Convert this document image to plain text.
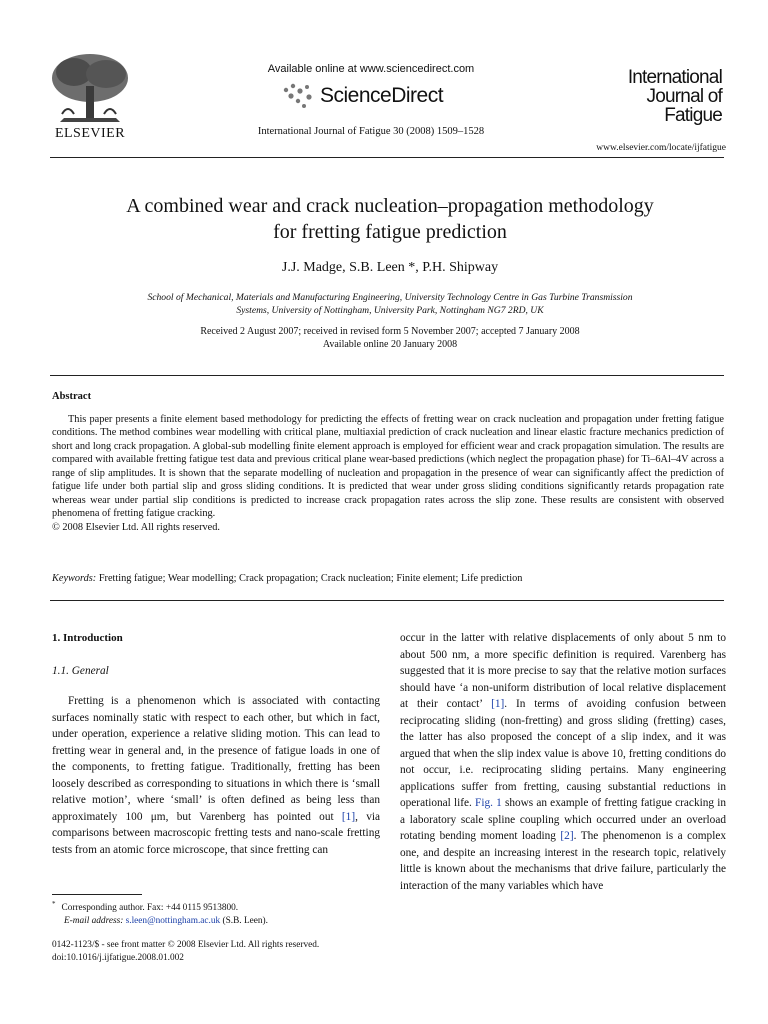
ELSEVIER
Available online at www.sciencedirect.com
ScienceDirect
International Journal of Fatigue 30 (2008) 1509–1528
International
Journal of
Fatigue
www.elsevier.com/locate/ijfatigue
A combined wear and crack nucleation–propagation methodology
for fretting fatigue prediction
J.J. Madge, S.B. Leen *, P.H. Shipway
School of Mechanical, Materials and Manufacturing Engineering, University Technology Centre in Gas Turbine Transmission
Systems, University of Nottingham, University Park, Nottingham NG7 2RD, UK
Received 2 August 2007; received in revised form 5 November 2007; accepted 7 January 2008
Available online 20 January 2008
Abstract
This paper presents a finite element based methodology for predicting the effects of fretting wear on crack nucleation and propagation under fretting fatigue conditions. The method combines wear modelling with critical plane, multiaxial prediction of crack nucleation and linear elastic fracture mechanics prediction of short and long crack propagation. A global-sub modelling finite element approach is employed for efficient wear and crack propagation simulation. The results are compared with available fretting fatigue test data and previous critical plane wear-based predictions (which neglect the propagation phase) for Ti–6Al–4V across a range of slip amplitudes. It is shown that the separate modelling of nucleation and propagation in the presence of wear can significantly affect the prediction of fatigue life under both partial slip and gross sliding conditions. It is predicted that wear under gross sliding conditions significantly retards propagation rate whereas wear under partial slip conditions is predicted to increase crack propagation rates across the slip zone. These results are consistent with observed phenomena of fretting fatigue cracking.
© 2008 Elsevier Ltd. All rights reserved.
Keywords: Fretting fatigue; Wear modelling; Crack propagation; Crack nucleation; Finite element; Life prediction
1. Introduction
1.1. General

Fretting is a phenomenon which is associated with contacting surfaces nominally static with respect to each other, but which in fact, under operation, experience a relative sliding motion. This can lead to fretting wear in general and, in the presence of fatigue loads in one of the components, to fretting fatigue. Traditionally, fretting has been loosely described as corresponding to situations in which there is ‘small relative motion’, where ‘small’ is often defined as being less than approximately 100 μm, but Varenberg has pointed out [1], via comparisons between macroscopic fretting tests and nano-scale fretting tests from an atomic force microscope, that since fretting can

occur in the latter with relative displacements of only about 5 nm to about 500 nm, a more specific definition is required. Varenberg has suggested that it is more precise to say that the relative motion surfaces should have ‘a non-uniform distribution of local relative displacement at their contact’ [1]. In terms of avoiding confusion between reciprocating sliding (non-fretting) and gross sliding (fretting) cases, the latter has also proposed the concept of a slip index, and it was argued that when the slip index value is above 10, fretting conditions do not occur, i.e. reciprocating sliding pertains. Many engineering applications suffer from fretting, causing substantial reductions in operational life. Fig. 1 shows an example of fretting fatigue cracking in a laboratory scale spline coupling which occurred under an overload rotating bending moment loading [2]. The phenomenon is a complex one, and despite an increasing interest in the research topic, relatively little is known about the mechanisms that drive failure, particularly the interaction of the many variables which have

* Corresponding author. Fax: +44 0115 9513800.
E-mail address: s.leen@nottingham.ac.uk (S.B. Leen).
0142-1123/$ - see front matter © 2008 Elsevier Ltd. All rights reserved.
doi:10.1016/j.ijfatigue.2008.01.002
